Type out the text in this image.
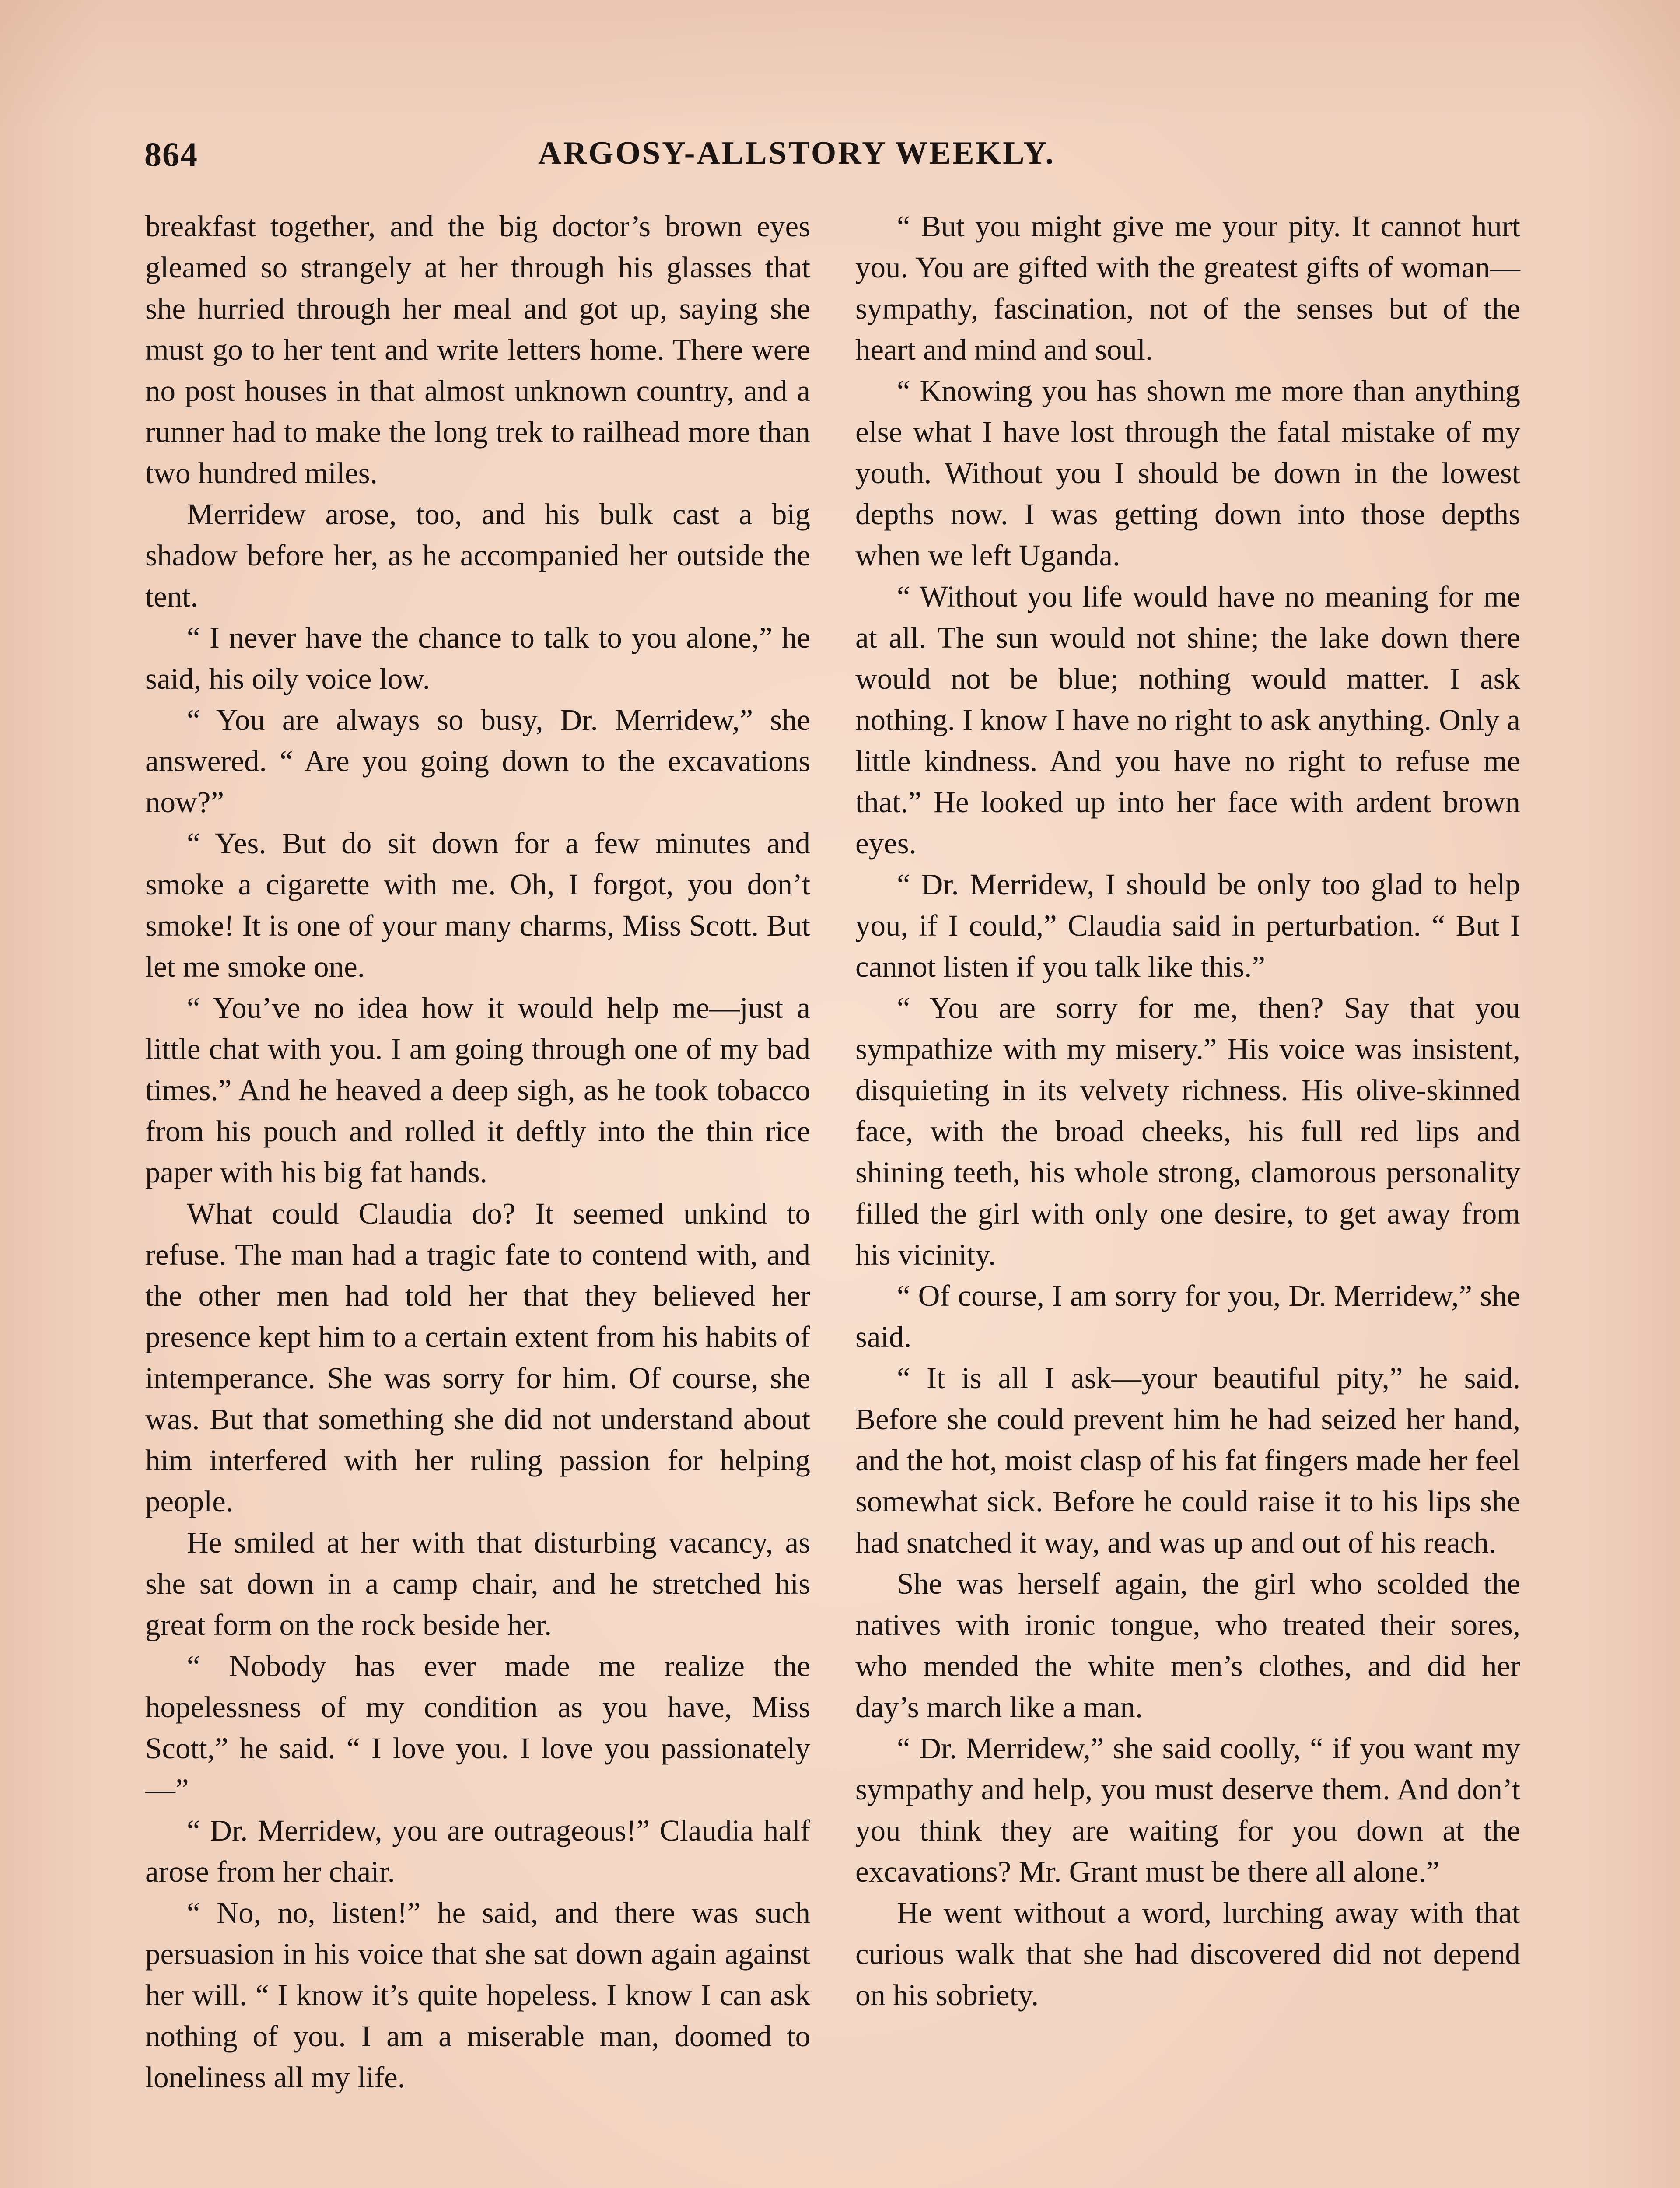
864	ARGOSY-ALLSTORY WEEKLY.

breakfast together, and the big doctor’s brown eyes gleamed so strangely at her through his glasses that she hurried through her meal and got up, saying she must go to her tent and write letters home. There were no post houses in that almost unknown country, and a runner had to make the long trek to railhead more than two hundred miles.

Merridew arose, too, and his bulk cast a big shadow before her, as he accompanied her outside the tent.

“ I never have the chance to talk to you alone,” he said, his oily voice low.

“ You are always so busy, Dr. Merridew,” she answered. “ Are you going down to the excavations now?”

“ Yes. But do sit down for a few minutes and smoke a cigarette with me. Oh, I forgot, you don’t smoke! It is one of your many charms, Miss Scott. But let me smoke one.

“ You’ve no idea how it would help me—just a little chat with you. I am going through one of my bad times.” And he heaved a deep sigh, as he took tobacco from his pouch and rolled it deftly into the thin rice paper with his big fat hands.

What could Claudia do? It seemed unkind to refuse. The man had a tragic fate to contend with, and the other men had told her that they believed her presence kept him to a certain extent from his habits of intemperance. She was sorry for him. Of course, she was. But that something she did not understand about him interfered with her ruling passion for helping people.

He smiled at her with that disturbing vacancy, as she sat down in a camp chair, and he stretched his great form on the rock beside her.

“ Nobody has ever made me realize the hopelessness of my condition as you have, Miss Scott,” he said. “ I love you. I love you passionately—”

“ Dr. Merridew, you are outrageous!” Claudia half arose from her chair.

“ No, no, listen!” he said, and there was such persuasion in his voice that she sat down again against her will. “ I know it’s quite hopeless. I know I can ask nothing of you. I am a miserable man, doomed to loneliness all my life.

“ But you might give me your pity. It cannot hurt you. You are gifted with the greatest gifts of woman—sympathy, fascination, not of the senses but of the heart and mind and soul.

“ Knowing you has shown me more than anything else what I have lost through the fatal mistake of my youth. Without you I should be down in the lowest depths now. I was getting down into those depths when we left Uganda.

“ Without you life would have no meaning for me at all. The sun would not shine; the lake down there would not be blue; nothing would matter. I ask nothing. I know I have no right to ask anything. Only a little kindness. And you have no right to refuse me that.” He looked up into her face with ardent brown eyes.

“ Dr. Merridew, I should be only too glad to help you, if I could,” Claudia said in perturbation. “ But I cannot listen if you talk like this.”

“ You are sorry for me, then? Say that you sympathize with my misery.” His voice was insistent, disquieting in its velvety richness. His olive-skinned face, with the broad cheeks, his full red lips and shining teeth, his whole strong, clamorous personality filled the girl with only one desire, to get away from his vicinity.

“ Of course, I am sorry for you, Dr. Merridew,” she said.

“ It is all I ask—your beautiful pity,” he said. Before she could prevent him he had seized her hand, and the hot, moist clasp of his fat fingers made her feel somewhat sick. Before he could raise it to his lips she had snatched it way, and was up and out of his reach.

She was herself again, the girl who scolded the natives with ironic tongue, who treated their sores, who mended the white men’s clothes, and did her day’s march like a man.

“ Dr. Merridew,” she said coolly, “ if you want my sympathy and help, you must deserve them. And don’t you think they are waiting for you down at the excavations? Mr. Grant must be there all alone.”

He went without a word, lurching away with that curious walk that she had discovered did not depend on his sobriety.
